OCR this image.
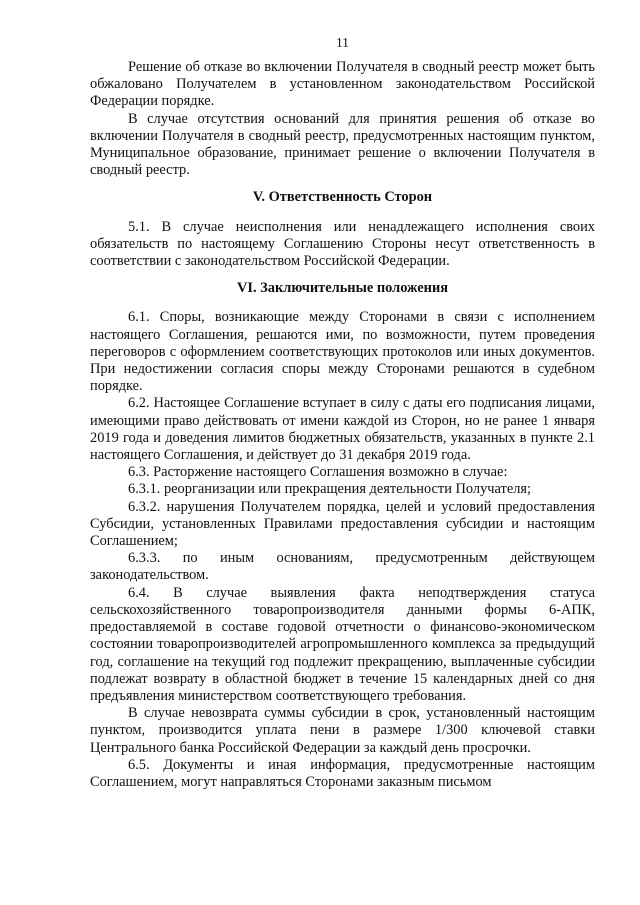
11

Решение об отказе во включении Получателя в сводный реестр может быть обжаловано Получателем в установленном законодательством Российской Федерации порядке.

В случае отсутствия оснований для принятия решения об отказе во включении Получателя в сводный реестр, предусмотренных настоящим пунктом, Муниципальное образование, принимает решение о включении Получателя в сводный реестр.

V. Ответственность Сторон

5.1. В случае неисполнения или ненадлежащего исполнения своих обязательств по настоящему Соглашению Стороны несут ответственность в соответствии с законодательством Российской Федерации.

VI. Заключительные положения

6.1. Споры, возникающие между Сторонами в связи с исполнением настоящего Соглашения, решаются ими, по возможности, путем проведения переговоров с оформлением соответствующих протоколов или иных документов. При недостижении согласия споры между Сторонами решаются в судебном порядке.

6.2. Настоящее Соглашение вступает в силу с даты его подписания лицами, имеющими право действовать от имени каждой из Сторон, но не ранее 1 января 2019 года и доведения лимитов бюджетных обязательств, указанных в пункте 2.1 настоящего Соглашения, и действует до 31 декабря 2019 года.

6.3. Расторжение настоящего Соглашения возможно в случае:

6.3.1. реорганизации или прекращения деятельности Получателя;

6.3.2. нарушения Получателем порядка, целей и условий предоставления Субсидии, установленных Правилами предоставления субсидии и настоящим Соглашением;

6.3.3. по иным основаниям, предусмотренным действующем законодательством.

6.4. В случае выявления факта неподтверждения статуса сельскохозяйственного товаропроизводителя данными формы 6-АПК, предоставляемой в составе годовой отчетности о финансово-экономическом состоянии товаропроизводителей агропромышленного комплекса за предыдущий год, соглашение на текущий год подлежит прекращению, выплаченные субсидии подлежат возврату в областной бюджет в течение 15 календарных дней со дня предъявления министерством соответствующего требования.

В случае невозврата суммы субсидии в срок, установленный настоящим пунктом, производится уплата пени в размере 1/300 ключевой ставки Центрального банка Российской Федерации за каждый день просрочки.

6.5. Документы и иная информация, предусмотренные настоящим Соглашением, могут направляться Сторонами заказным письмом
